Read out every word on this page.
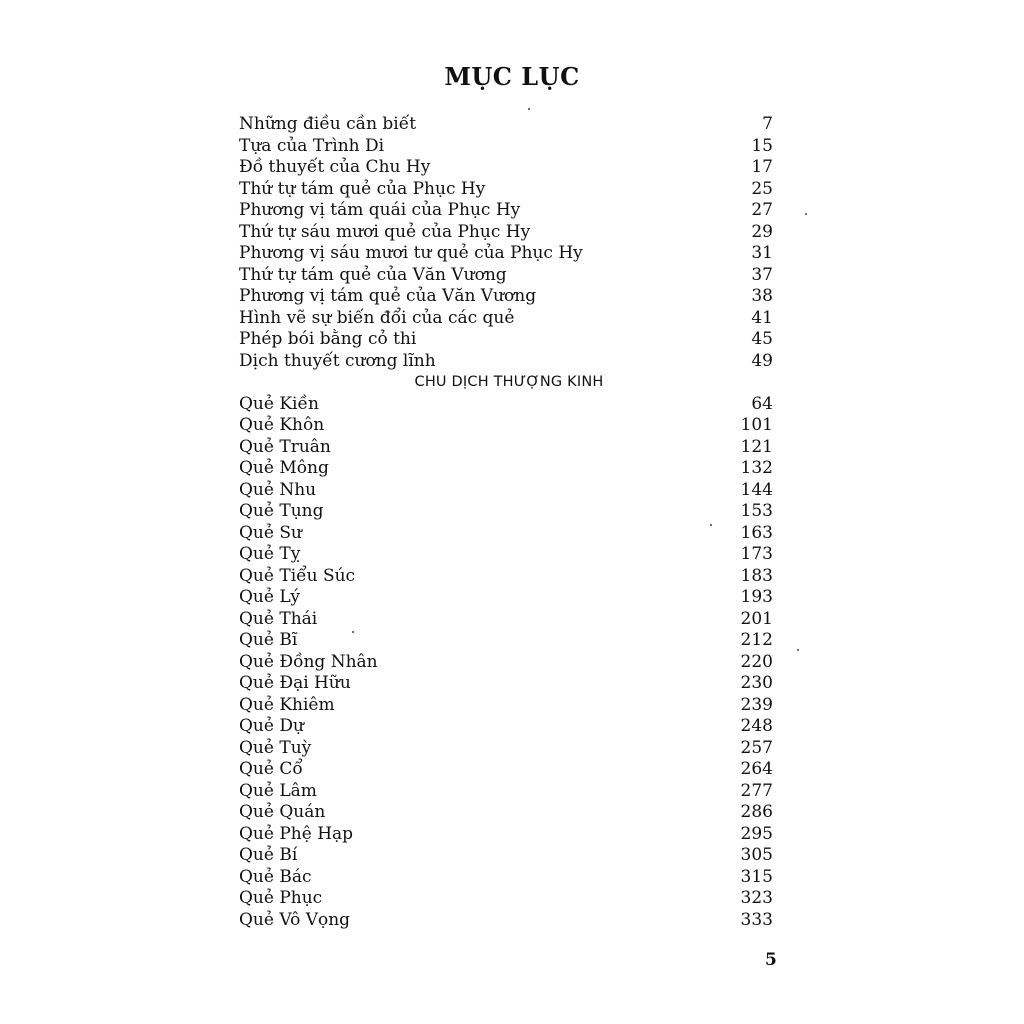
MỤC LỤC
Những điều cần biết	7
Tựa của Trình Di	15
Đồ thuyết của Chu Hy	17
Thứ tự tám quẻ của Phục Hy	25
Phương vị tám quái của Phục Hy	27
Thứ tự sáu mươi quẻ của Phục Hy	29
Phương vị sáu mươi tư quẻ của Phục Hy	31
Thứ tự tám quẻ của Văn Vương	37
Phương vị tám quẻ của Văn Vương	38
Hình vẽ sự biến đổi của các quẻ	41
Phép bói bằng cỏ thi	45
Dịch thuyết cương lĩnh	49
CHU DỊCH THƯỢNG KINH
Quẻ Kiền	64
Quẻ Khôn	101
Quẻ Truân	121
Quẻ Mông	132
Quẻ Nhu	144
Quẻ Tụng	153
Quẻ Sư	163
Quẻ Tỵ	173
Quẻ Tiểu Súc	183
Quẻ Lý	193
Quẻ Thái	201
Quẻ Bĩ	212
Quẻ Đồng Nhân	220
Quẻ Đại Hữu	230
Quẻ Khiêm	239
Quẻ Dự	248
Quẻ Tuỳ	257
Quẻ Cổ	264
Quẻ Lâm	277
Quẻ Quán	286
Quẻ Phệ Hạp	295
Quẻ Bí	305
Quẻ Bác	315
Quẻ Phục	323
Quẻ Vô Vọng	333
5
